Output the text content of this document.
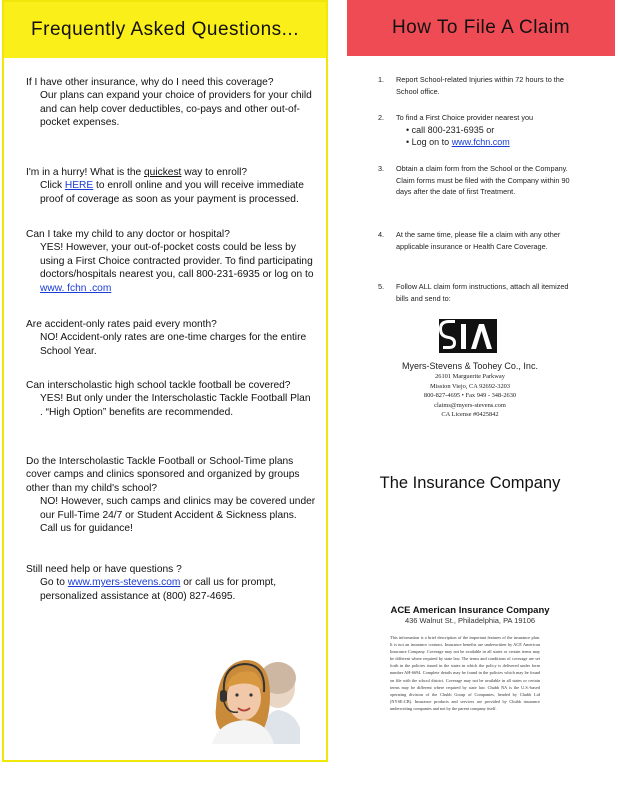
Frequently Asked Questions...
If I have other insurance, why do I need this coverage?
Our plans can expand your choice of providers for your child and can help cover deductibles, co-pays and other out-of-pocket expenses.
I'm in a hurry! What is the quickest way to enroll?
Click HERE to enroll online and you will receive immediate proof of coverage as soon as your payment is processed.
Can I take my child to any doctor or hospital?
YES! However, your out-of-pocket costs could be less by using a First Choice contracted provider. To find participating doctors/hospitals nearest you, call 800-231-6935 or log on to www. fchn .com
Are accident-only rates paid every month?
NO! Accident-only rates are one-time charges for the entire School Year.
Can interscholastic high school tackle football be covered?
YES! But only under the Interscholastic Tackle Football Plan . “High Option” benefits are recommended.
Do the Interscholastic Tackle Football or School-Time plans cover camps and clinics sponsored and organized by groups other than my child's school?
NO! However, such camps and clinics may be covered under our Full-Time 24/7 or Student Accident & Sickness plans. Call us for guidance!
Still need help or have questions ?
Go to www.myers-stevens.com or call us for prompt, personalized assistance at (800) 827-4695.
How To File A Claim
1.	Report School-related Injuries within 72 hours to the School office.
2.	To find a First Choice provider nearest you
• call 800-231-6935 or
• Log on to www.fchn.com
3.	Obtain a claim form from the School or the Company. Claim forms must be filed with the Company within 90 days after the date of first Treatment.
4.	At the same time, please file a claim with any other applicable insurance or Health Care Coverage.
5.	Follow ALL claim form instructions, attach all itemized bills and send to:
Myers-Stevens & Toohey Co., Inc.
26101 Marguerite Parkway
Mission Viejo, CA 92692-3203
800-827-4695 • Fax 949 - 348-2630
claims@myers-stevens.com
CA License #0425842
The Insurance Company
ACE American Insurance Company
436 Walnut St., Philadelphia, PA 19106
This information is a brief description of the important features of the insurance plan. It is not an insurance contract. Insurance benefits are underwritten by ACE American Insurance Company. Coverage may not be available in all states or certain terms may be different where required by state law. The terms and conditions of coverage are set forth in the policies issued in the states in which the policy is delivered under form number AH-6694. Complete details may be found in the policies which may be found on file with the school district. Coverage may not be available in all states or certain terms may be different where required by state law. Chubb NA is the U.S.-based operating division of the Chubb Group of Companies, headed by Chubb Ltd (NYSE:CB). Insurance products and services are provided by Chubb insurance underwriting companies and not by the parent company itself.
